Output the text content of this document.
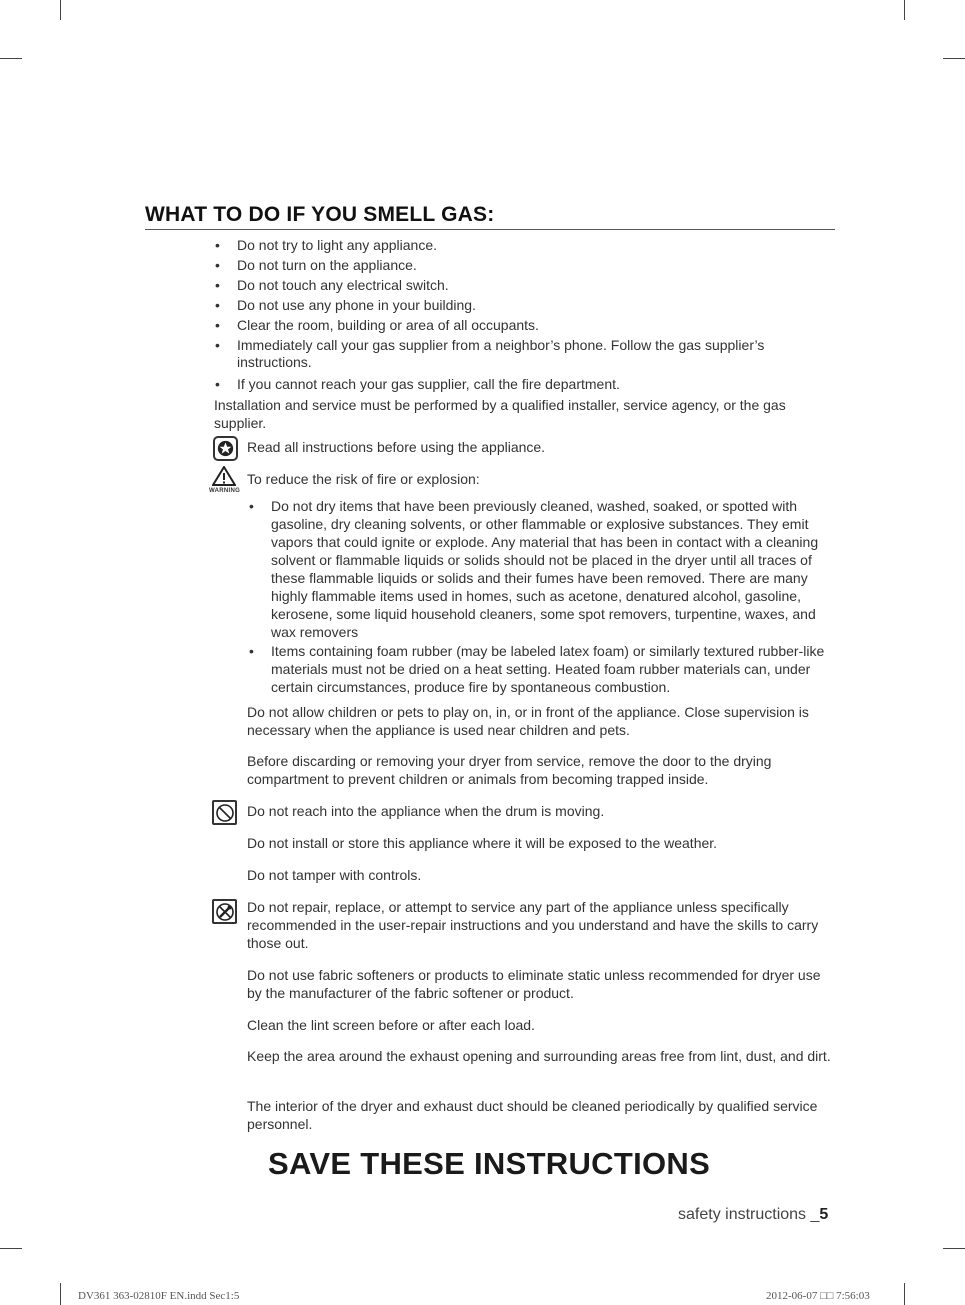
WHAT TO DO IF YOU SMELL GAS:
• Do not try to light any appliance.
• Do not turn on the appliance.
• Do not touch any electrical switch.
• Do not use any phone in your building.
• Clear the room, building or area of all occupants.
• Immediately call your gas supplier from a neighbor’s phone. Follow the gas supplier’s instructions.
• If you cannot reach your gas supplier, call the fire department.
Installation and service must be performed by a qualified installer, service agency, or the gas supplier.
Read all instructions before using the appliance.
WARNING
To reduce the risk of fire or explosion:
• Do not dry items that have been previously cleaned, washed, soaked, or spotted with gasoline, dry cleaning solvents, or other flammable or explosive substances. They emit vapors that could ignite or explode. Any material that has been in contact with a cleaning solvent or flammable liquids or solids should not be placed in the dryer until all traces of these flammable liquids or solids and their fumes have been removed. There are many highly flammable items used in homes, such as acetone, denatured alcohol, gasoline, kerosene, some liquid household cleaners, some spot removers, turpentine, waxes, and wax removers
• Items containing foam rubber (may be labeled latex foam) or similarly textured rubber-like materials must not be dried on a heat setting. Heated foam rubber materials can, under certain circumstances, produce fire by spontaneous combustion.
Do not allow children or pets to play on, in, or in front of the appliance. Close supervision is necessary when the appliance is used near children and pets.
Before discarding or removing your dryer from service, remove the door to the drying compartment to prevent children or animals from becoming trapped inside.
Do not reach into the appliance when the drum is moving.
Do not install or store this appliance where it will be exposed to the weather.
Do not tamper with controls.
Do not repair, replace, or attempt to service any part of the appliance unless specifically recommended in the user-repair instructions and you understand and have the skills to carry those out.
Do not use fabric softeners or products to eliminate static unless recommended for dryer use by the manufacturer of the fabric softener or product.
Clean the lint screen before or after each load.
Keep the area around the exhaust opening and surrounding areas free from lint, dust, and dirt.
The interior of the dryer and exhaust duct should be cleaned periodically by qualified service personnel.
SAVE THESE INSTRUCTIONS
safety instructions _5
DV361 363-02810F EN.indd Sec1:5	2012-06-07 □□ 7:56:03
